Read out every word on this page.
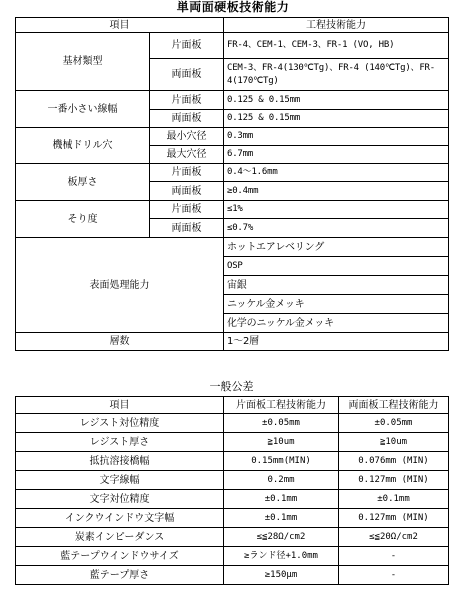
単両面硬板技術能力
項目		工程技術能力
基材類型	片面板	FR-4、CEM-1、CEM-3、FR-1 (VO, HB)
	両面板	CEM-3、FR-4(130℃Tg)、FR-4 (140℃Tg)、FR-4(170℃Tg)
一番小さい線幅	片面板	0.125 & 0.15mm
	両面板	0.125 & 0.15mm
機械ドリル穴	最小穴径	0.3mm
	最大穴径	6.7mm
板厚さ	片面板	0.4～1.6mm
	両面板	≥0.4mm
そり度	片面板	≤1%
	両面板	≤0.7%
表面処理能力		ホットエアレベリング
		OSP
		宙銀
		ニッケル金メッキ
		化学のニッケル金メッキ
層数		1～2層
一般公差
項目	片面板工程技術能力	両面板工程技術能力
レジスト対位精度	±0.05mm	±0.05mm
レジスト厚さ	≧10um	≧10um
抵抗溶接橋幅	0.15mm(MIN)	0.076mm (MIN)
文字線幅	0.2mm	0.127mm (MIN)
文字対位精度	±0.1mm	±0.1mm
インクウインドウ文字幅	±0.1mm	0.127mm (MIN)
炭素インピーダンス	≤≦28Ω/cm2	≤≦20Ω/cm2
藍テープウインドウサイズ	≥ランド径+1.0mm	-
藍テープ厚さ	≥150μm	-
